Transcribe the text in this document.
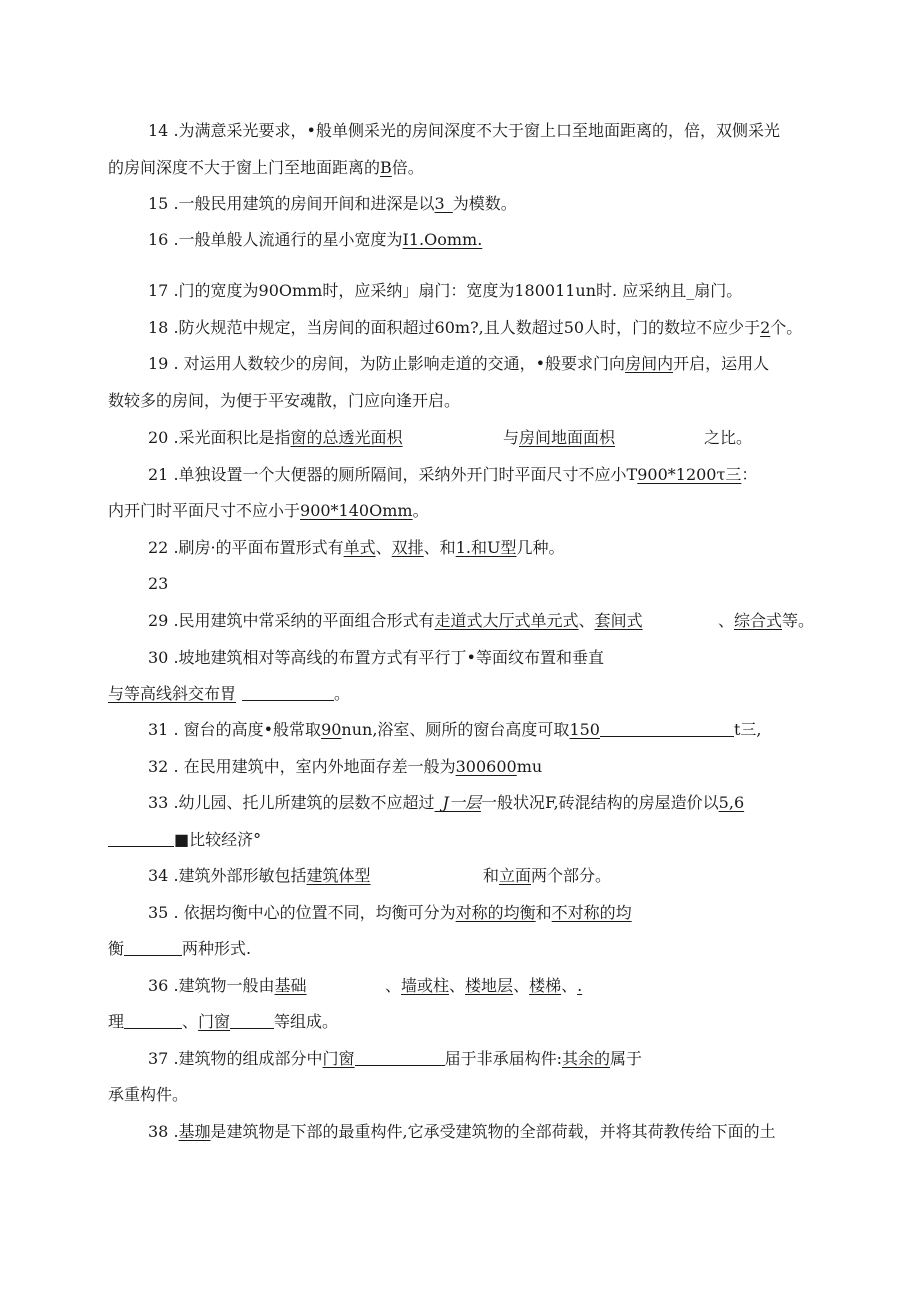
14 .为满意采光要求，•般单侧采光的房间深度不大于窗上口至地面距离的，倍，双侧采光
的房间深度不大于窗上门至地面距离的B倍。
15 .一般民用建筑的房间开间和进深是以3_为模数。
16 .一般单般人流通行的星小宽度为I1.Oomm.
17 .门的宽度为90Omm时，应采纳」扇门：宽度为180011un时. 应采纳且_扇门。
18 .防火规范中规定，当房间的面积超过60m?,且人数超过50人时，门的数垃不应少于2个。
19 . 对运用人数较少的房间，为防止影响走道的交通，•般要求门向房间内开启，运用人
数较多的房间，为便于平安魂散，门应向逢开启。
20 .采光面积比是指窗的总透光面枳	与房间地面面枳	之比。
21 .单独设置一个大便器的厕所隔间，采纳外开门时平面尺寸不应小T900*1200τ三：
内开门时平面尺寸不应小于900*140Omm。
22 .刷房·的平面布置形式有单式、双排、和1.和U型几种。
23
29 .民用建筑中常采纳的平面组合形式有走道式大厅式单元式、套间式	、综合式等。
30 .坡地建筑相对等高线的布置方式有平行丁•等面纹布置和垂直
与等高线斜交布胃	。
31 . 窗台的高度•般常取90nun,浴室、厕所的窗台高度可取150	t三,
32 . 在民用建筑中，室内外地面存差一般为300600mu
33 .幼儿园、托儿所建筑的层数不应超过_J一层一般状况F,砖混结构的房屋造价以5,6
■比较经济°
34 .建筑外部形敏包括建筑体型	和立面两个部分。
35 . 依据均衡中心的位置不同，均衡可分为对称的均衡和不对称的均
衡	两种形式.
36 .建筑物一般由基础	、墙或柱、楼地层、楼梯、.
理	、门窗	等组成。
37 .建筑物的组成部分中门窗	届于非承届构件:其余的属于
承重构件。
38 .基珈是建筑物是下部的最重构件,它承受建筑物的全部荷载，并将其荷教传给下面的土
